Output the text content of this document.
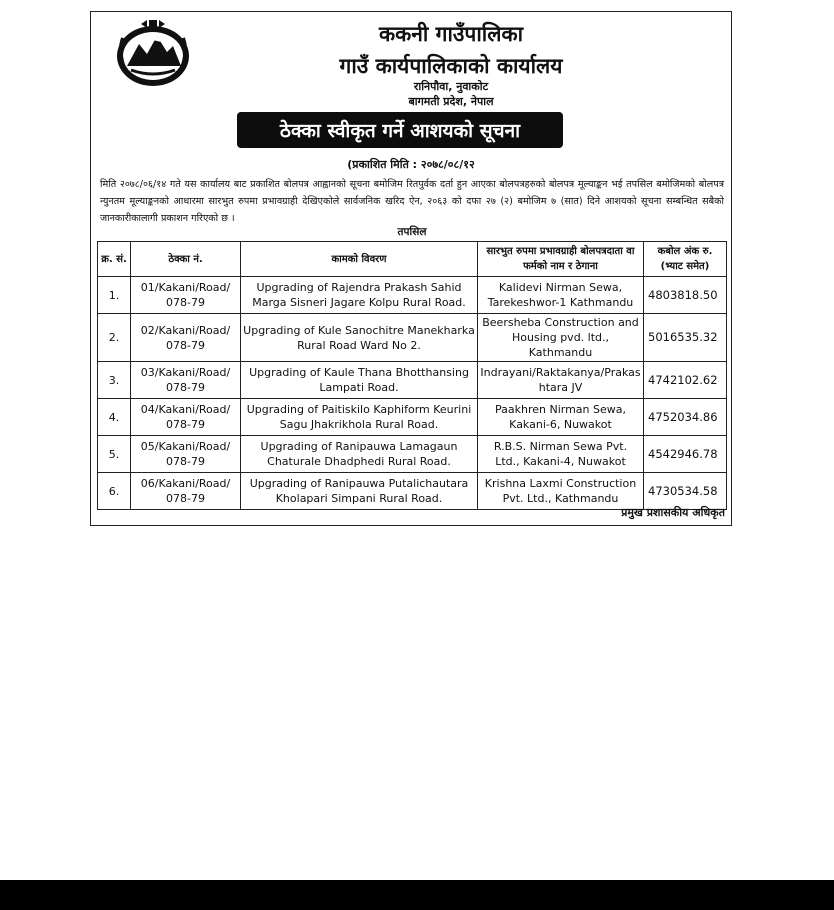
ककनी गाउँपालिका
गाउँ कार्यपालिकाको कार्यालय
रानिपौवा, नुवाकोट
बागमती प्रदेश, नेपाल
ठेक्का स्वीकृत गर्ने आशयको सूचना
(प्रकाशित मिति : २०७८/०८/१२
मिति २०७८/०६/१४ गते यस कार्यालय बाट प्रकाशित बोलपत्र आह्वानको सूचना बमोजिम रितपुर्वक दर्ता हुन आएका बोलपत्रहरुको बोलपत्र मूल्याङ्कन भई तपसिल बमोजिमको बोलपत्र न्युनतम मूल्याङ्कनको आधारमा सारभुत रुपमा प्रभावग्राही देखिएकोले सार्वजनिक खरिद ऐन, २०६३ को दफा २७ (२) बमोजिम ७ (सात) दिने आशयको सूचना सम्बन्धित सबैको जानकारीकालागी प्रकाशन गरिएको छ ।
तपसिल
क्र. सं.	ठेक्का नं.	कामको विवरण	सारभुत रुपमा प्रभावग्राही बोलपत्रदाता वा फर्मको नाम र ठेगाना	कबोल अंक रु. (भ्याट समेत)
1.	01/Kakani/Road/ 078-79	Upgrading of Rajendra Prakash Sahid Marga Sisneri Jagare Kolpu Rural Road.	Kalidevi Nirman Sewa, Tarekeshwor-1 Kathmandu	4803818.50
2.	02/Kakani/Road/ 078-79	Upgrading of Kule Sanochitre Manekharka Rural Road Ward No 2.	Beersheba Construction and Housing pvd. ltd., Kathmandu	5016535.32
3.	03/Kakani/Road/ 078-79	Upgrading of Kaule Thana Bhotthansing Lampati Road.	Indrayani/Raktakanya/Prakas htara JV	4742102.62
4.	04/Kakani/Road/ 078-79	Upgrading of Paitiskilo Kaphiform Keurini Sagu Jhakrikhola Rural Road.	Paakhren Nirman Sewa, Kakani-6, Nuwakot	4752034.86
5.	05/Kakani/Road/ 078-79	Upgrading of Ranipauwa Lamagaun Chaturale Dhadphedi Rural Road.	R.B.S. Nirman Sewa Pvt. Ltd., Kakani-4, Nuwakot	4542946.78
6.	06/Kakani/Road/ 078-79	Upgrading of Ranipauwa Putalichautara Kholapari Simpani Rural Road.	Krishna Laxmi Construction Pvt. Ltd., Kathmandu	4730534.58
प्रमुख प्रशासकीय अधिकृत
